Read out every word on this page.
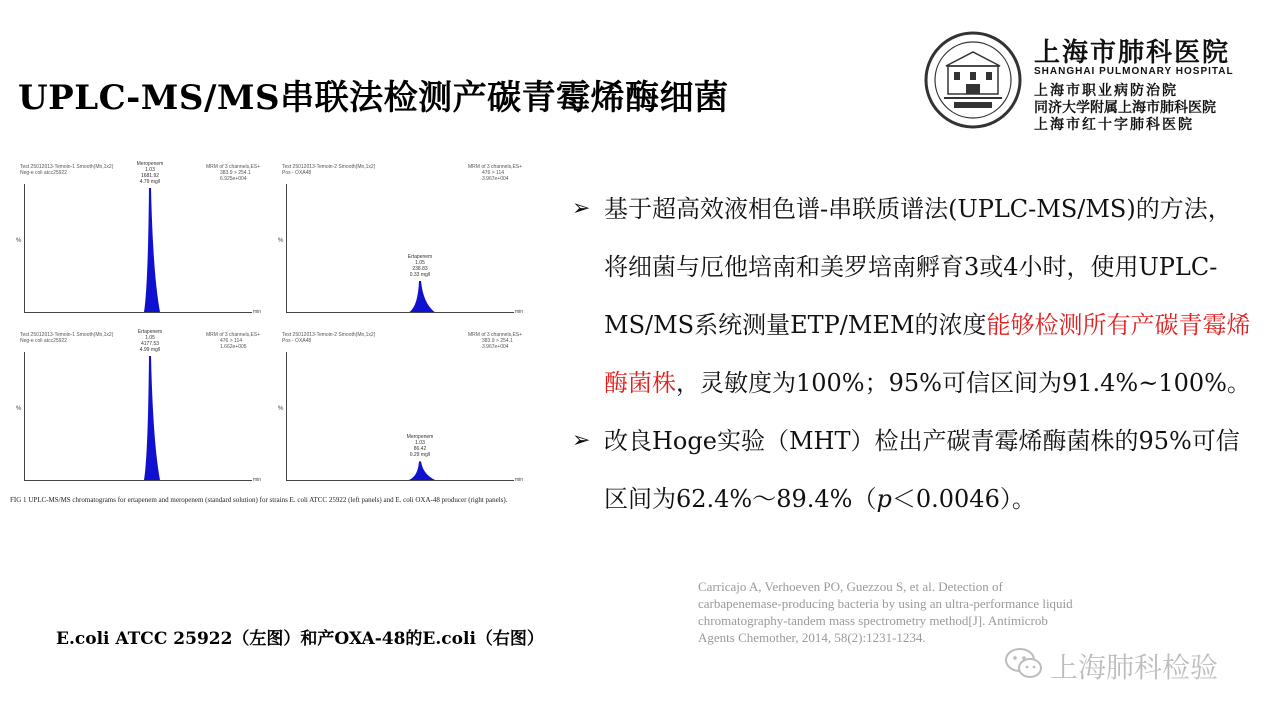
UPLC-MS/MS串联法检测产碳青霉烯酶细菌
上海市肺科医院
SHANGHAI PULMONARY HOSPITAL
上海市职业病防治院
同济大学附属上海市肺科医院
上海市红十字肺科医院
Test 25012013-Temoin-1 Smooth(Mn,1x2)
Neg-e coli atcc25922
MRM of 3 channels,ES+
383.9 > 254.1
6.925e+004
%
min
Meropenem
1.03
1681.92
4.79 mg/l
Test 25012013-Temoin-2 Smooth(Mn,1x2)
Pos - OXA48
MRM of 3 channels,ES+
476 > 114
3.967e+004
%
min
Ertapenem
1.05
238.83
0.33 mg/l
Test 25012013-Temoin-1 Smooth(Mn,1x2)
Neg-e coli atcc25922
MRM of 3 channels,ES+
476 > 114
1.662e+005
%
min
Ertapenem
1.05
4177.53
4.99 mg/l
Test 25012013-Temoin-2 Smooth(Mn,1x2)
Pos - OXA48
MRM of 3 channels,ES+
383.9 > 254.1
3.967e+004
%
min
Meropenem
1.03
86.42
0.29 mg/l
FIG 1 UPLC-MS/MS chromatograms for ertapenem and meropenem (standard solution) for strains E. coli ATCC 25922 (left panels) and E. coli OXA-48 producer (right panels).
E.coli ATCC 25922（左图）和产OXA-48的E.coli（右图）
➢ 基于超高效液相色谱-串联质谱法(UPLC-MS/MS)的方法，将细菌与厄他培南和美罗培南孵育3或4小时，使用UPLC-MS/MS系统测量ETP/MEM的浓度能够检测所有产碳青霉烯酶菌株，灵敏度为100%；95%可信区间为91.4%~100%。
➢ 改良Hoge实验（MHT）检出产碳青霉烯酶菌株的95%可信区间为62.4%～89.4%（p＜0.0046）。
Carricajo A, Verhoeven PO, Guezzou S, et al. Detection of carbapenemase-producing bacteria by using an ultra-performance liquid chromatography-tandem mass spectrometry method[J]. Antimicrob Agents Chemother, 2014, 58(2):1231-1234.
上海肺科检验
